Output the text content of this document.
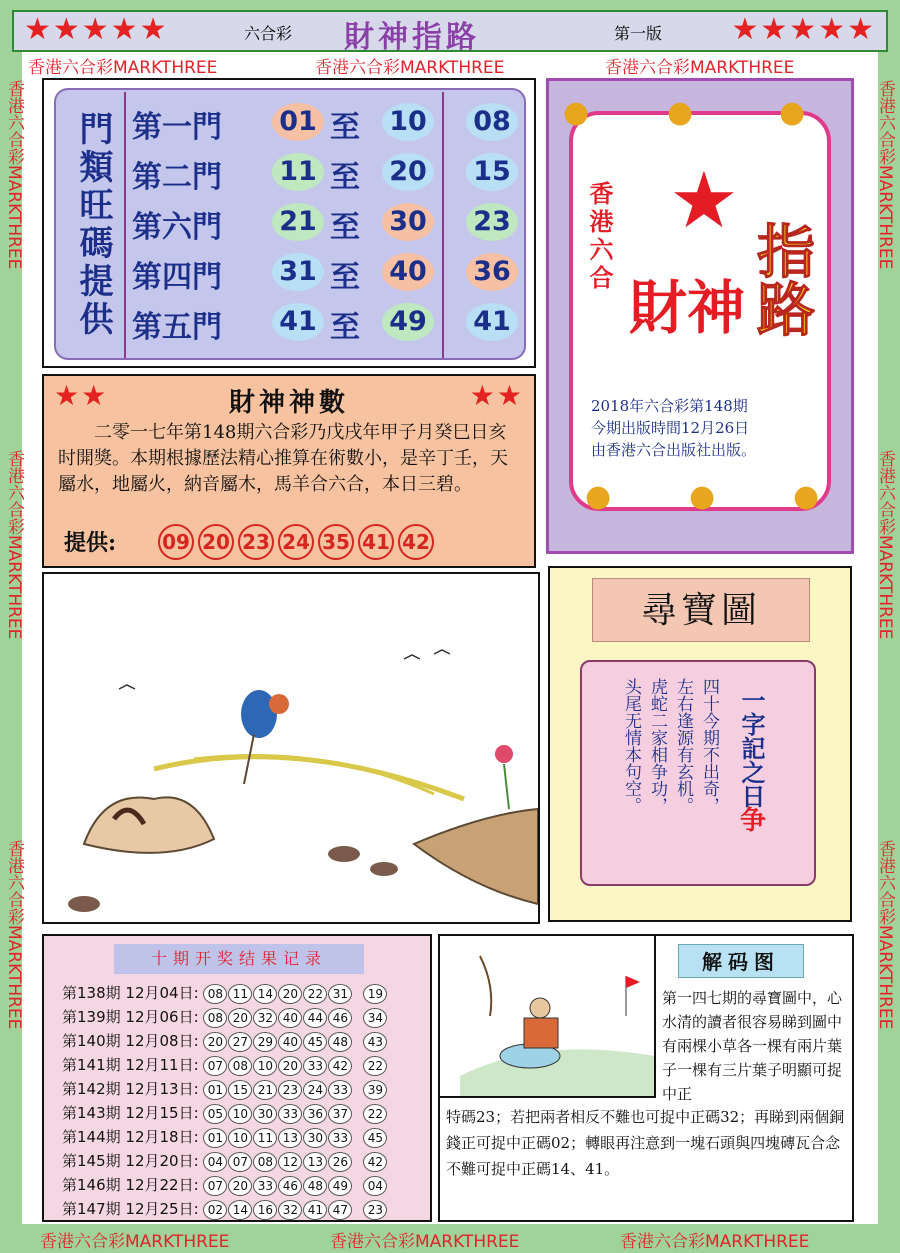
★★★★★	★★★★★
六合彩 財神指路	第一版
香港六合彩MARKTHREE	香港六合彩MARKTHREE	香港六合彩MARKTHREE
香港六合彩MARKTHREE	香港六合彩MARKTHREE	香港六合彩MARKTHREE
香港六合彩MARKTHREE
香港六合彩MARKTHREE
香港六合彩MARKTHREE
香港六合彩MARKTHREE
香港六合彩MARKTHREE
香港六合彩MARKTHREE
門類旺碼提供 第一門 01 至 10 08
第二門 11 至 20 15
第六門 21 至 30 23
第四門 31 至 40 36
第五門 41 至 49 41
●	●	●
●	●	●
★
香港六合
財神 指路
2018年六合彩第148期
今期出版時間12月26日
由香港六合出版社出版。
★★	★★
財神神數
二零一七年第148期六合彩乃戊戌年甲子月癸巳日亥时開獎。本期根據歷法精心推算在術數小，是辛丁壬，天屬水，地屬火，納音屬木，馬羊合六合，本日三碧。
提供: 09 20 23 24 35 41 42
尋寶圖
四十今期不出奇，
左右逢源有玄机。
虎蛇二家相争功，
头尾无情本句空。	一字記之日
争
十期开奖结果记录
第138期 12月04日: 08 11 14 20 22 31 19
第139期 12月06日: 08 20 32 40 44 46 34
第140期 12月08日: 20 27 29 40 45 48 43
第141期 12月11日: 07 08 10 20 33 42 22
第142期 12月13日: 01 15 21 23 24 33 39
第143期 12月15日: 05 10 30 33 36 37 22
第144期 12月18日: 01 10 11 13 30 33 45
第145期 12月20日: 04 07 08 12 13 26 42
第146期 12月22日: 07 20 33 46 48 49 04
第147期 12月25日: 02 14 16 32 41 47 23
解码图
第一四七期的尋寶圖中，心水清的讀者很容易睇到圖中有兩棵小草各一棵有兩片葉子一棵有三片葉子明顯可捉中正
特碼23；若把兩者相反不難也可捉中正碼32；再睇到兩個銅錢正可捉中正碼02；轉眼再注意到一塊石頭與四塊磚瓦合念不難可捉中正碼14、41。
